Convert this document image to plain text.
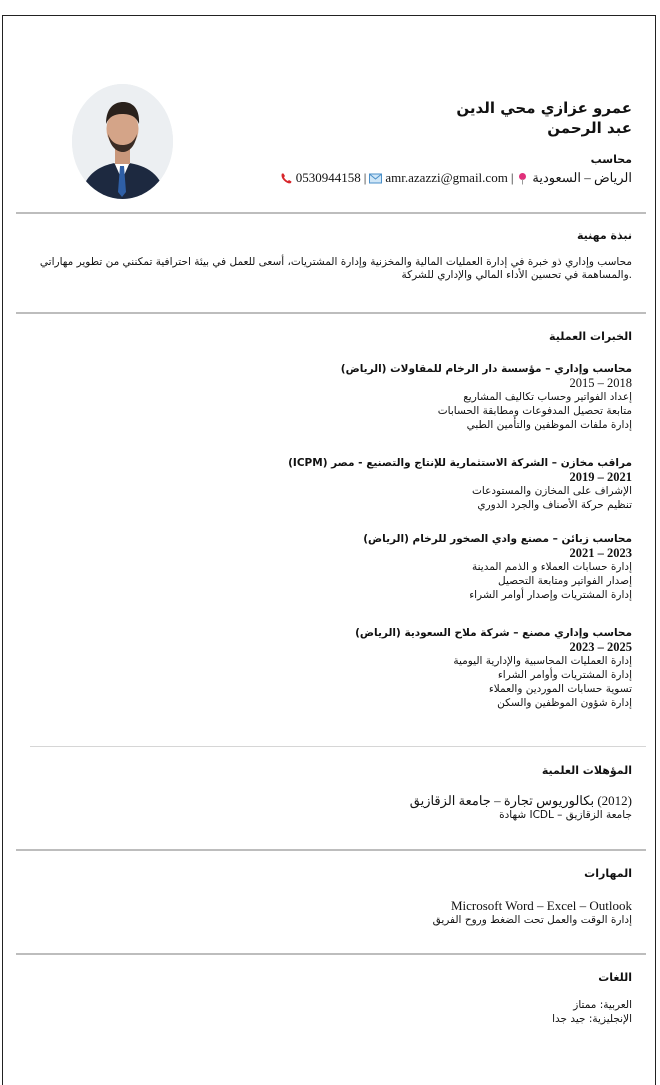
عمرو عزازي محي الدين
عبد الرحمن
محاسب
الرياض – السعودية
|
amr.azazzi@gmail.com
|
0530944158
نبذة مهنية

محاسب وإداري ذو خبرة في إدارة العمليات المالية والمخزنية وإدارة المشتريات، أسعى للعمل في بيئة احترافية تمكنني من تطوير مهاراتي

.والمساهمة في تحسين الأداء المالي والإداري للشركة

الخبرات العملية
محاسب وإداري – مؤسسة دار الرخام للمقاولات (الرياض)
2015 – 2018
إعداد الفواتير وحساب تكاليف المشاريع
متابعة تحصيل المدفوعات ومطابقة الحسابات
إدارة ملفات الموظفين والتأمين الطبي
مراقب مخازن – الشركة الاستثمارية للإنتاج والتصنيع - مصر (ICPM)
2019 – 2021
الإشراف على المخازن والمستودعات
تنظيم حركة الأصناف والجرد الدوري
محاسب زبائن – مصنع وادي الصخور للرخام (الرياض)
2021 – 2023
إدارة حسابات العملاء و الذمم المدينة
إصدار الفواتير ومتابعة التحصيل
إدارة المشتريات وإصدار أوامر الشراء
محاسب وإداري مصنع – شركة ملاح السعودية (الرياض)
2023 – 2025
إدارة العمليات المحاسبية والإدارية اليومية
إدارة المشتريات وأوامر الشراء
تسوية حسابات الموردين والعملاء
إدارة شؤون الموظفين والسكن
المؤهلات العلمية
(2012) بكالوريوس تجارة – جامعة الزقازيق
جامعة الزقازيق – ICDL شهادة
المهارات
Microsoft Word – Excel – Outlook
إدارة الوقت والعمل تحت الضغط وروح الفريق
اللغات
العربية: ممتاز
الإنجليزية: جيد جدا
